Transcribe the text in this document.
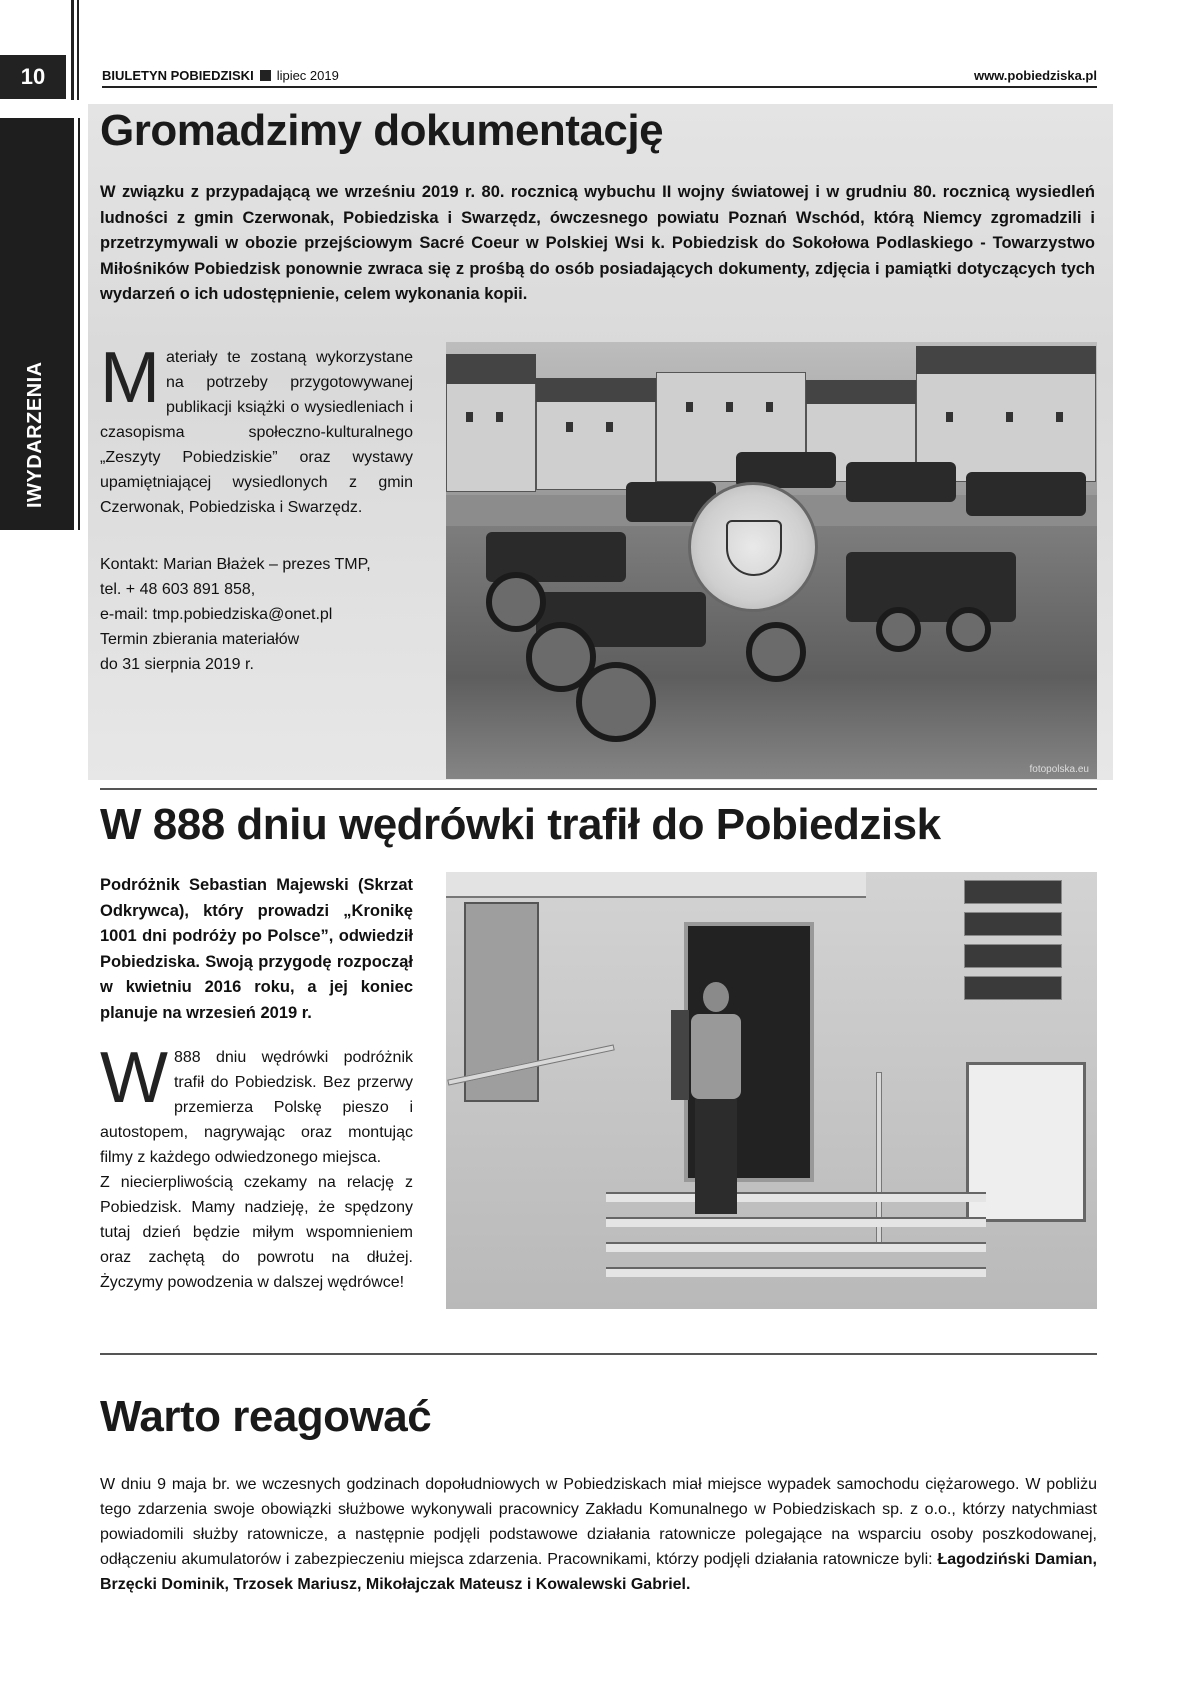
10
IWYDARZENIA
BIULETYN POBIEDZISKI lipiec 2019	www.pobiedziska.pl
Gromadzimy dokumentację
W związku z przypadającą we wrześniu 2019 r. 80. rocznicą wybuchu II wojny światowej i w grudniu 80. rocznicą wysiedleń ludności z gmin Czerwonak, Pobiedziska i Swarzędz, ówczesnego powiatu Poznań Wschód, którą Niemcy zgromadzili i przetrzymywali w obozie przejściowym Sacré Coeur w Polskiej Wsi k. Pobiedzisk do Sokołowa Podlaskiego - Towarzystwo Miłośników Pobiedzisk ponownie zwraca się z prośbą do osób posiadających dokumenty, zdjęcia i pamiątki dotyczących tych wydarzeń o ich udostępnienie, celem wykonania kopii.
Materiały te zostaną wykorzystane na potrzeby przygotowywanej publikacji książki o wysiedleniach i czasopisma społeczno-kulturalnego „Zeszyty Pobiedziskie” oraz wystawy upamiętniającej wysiedlonych z gmin Czerwonak, Pobiedziska i Swarzędz.
Kontakt: Marian Błażek – prezes TMP,
tel. + 48 603 891 858,
e-mail: tmp.pobiedziska@onet.pl
Termin zbierania materiałów
do 31 sierpnia 2019 r.
fotopolska.eu
W 888 dniu wędrówki trafił do Pobiedzisk
Podróżnik Sebastian Majewski (Skrzat Odkrywca), który prowadzi „Kronikę 1001 dni podróży po Polsce”, odwiedził Pobiedziska. Swoją przygodę rozpoczął w kwietniu 2016 roku, a jej koniec planuje na wrzesień 2019 r.
W 888 dniu wędrówki podróżnik trafił do Pobiedzisk. Bez przerwy przemierza Polskę pieszo i autostopem, nagrywając oraz montując filmy z każdego odwiedzonego miejsca.
Z niecierpliwością czekamy na relację z Pobiedzisk. Mamy nadzieję, że spędzony tutaj dzień będzie miłym wspomnieniem oraz zachętą do powrotu na dłużej. Życzymy powodzenia w dalszej wędrówce!
Warto reagować
W dniu 9 maja br. we wczesnych godzinach dopołudniowych w Pobiedziskach miał miejsce wypadek samochodu ciężarowego. W pobliżu tego zdarzenia swoje obowiązki służbowe wykonywali pracownicy Zakładu Komunalnego w Pobiedziskach sp. z o.o., którzy natychmiast powiadomili służby ratownicze, a następnie podjęli podstawowe działania ratownicze polegające na wsparciu osoby poszkodowanej, odłączeniu akumulatorów i zabezpieczeniu miejsca zdarzenia. Pracownikami, którzy podjęli działania ratownicze byli: Łagodziński Damian, Brzęcki Dominik, Trzosek Mariusz, Mikołajczak Mateusz i Kowalewski Gabriel.
